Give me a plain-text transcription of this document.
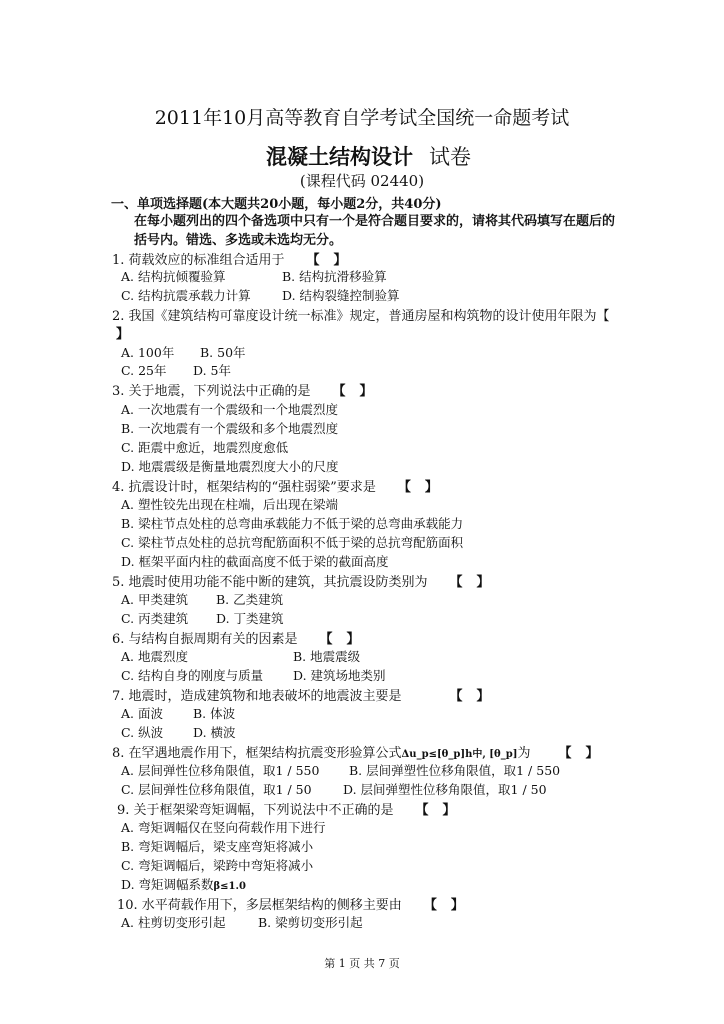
2011年10月高等教育自学考试全国统一命题考试
混凝土结构设计 试卷
(课程代码 02440)
一、单项选择题(本大题共20小题，每小题2分，共40分)
在每小题列出的四个备选项中只有一个是符合题目要求的，请将其代码填写在题后的
括号内。错选、多选或未选均无分。
1. 荷载效应的标准组合适用于 【】
A. 结构抗倾覆验算	B. 结构抗滑移验算
C. 结构抗震承载力计算	D. 结构裂缝控制验算
2. 我国《建筑结构可靠度设计统一标准》规定，普通房屋和构筑物的设计使用年限为【
】
A. 100年 B. 50年
C. 25年 D. 5年
3. 关于地震，下列说法中正确的是 【】
A. 一次地震有一个震级和一个地震烈度
B. 一次地震有一个震级和多个地震烈度
C. 距震中愈近，地震烈度愈低
D. 地震震级是衡量地震烈度大小的尺度
4. 抗震设计时，框架结构的“强柱弱梁”要求是 【】
A. 塑性铰先出现在柱端，后出现在梁端
B. 梁柱节点处柱的总弯曲承载能力不低于梁的总弯曲承载能力
C. 梁柱节点处柱的总抗弯配筋面积不低于梁的总抗弯配筋面积
D. 框架平面内柱的截面高度不低于梁的截面高度
5. 地震时使用功能不能中断的建筑，其抗震设防类别为 【】
A. 甲类建筑 B. 乙类建筑
C. 丙类建筑 D. 丁类建筑
6. 与结构自振周期有关的因素是 【】
A. 地震烈度	B. 地震震级
C. 结构自身的刚度与质量 D. 建筑场地类别
7. 地震时，造成建筑物和地表破坏的地震波主要是	【】
A. 面波 B. 体波
C. 纵波 D. 横波
8. 在罕遇地震作用下，框架结构抗震变形验算公式Δu_p≤[θ_p]h中, [θ_p]为 【】
A. 层间弹性位移角限值，取1 / 550 B. 层间弹塑性位移角限值，取1 / 550
C. 层间弹性位移角限值，取1 / 50	D. 层间弹塑性位移角限值，取1 / 50
9. 关于框架梁弯矩调幅，下列说法中不正确的是 【】
A. 弯矩调幅仅在竖向荷载作用下进行
B. 弯矩调幅后，梁支座弯矩将减小
C. 弯矩调幅后，梁跨中弯矩将减小
D. 弯矩调幅系数β≤1.0
10. 水平荷载作用下，多层框架结构的侧移主要由 【】
A. 柱剪切变形引起	B. 梁剪切变形引起
第 1 页 共 7 页
